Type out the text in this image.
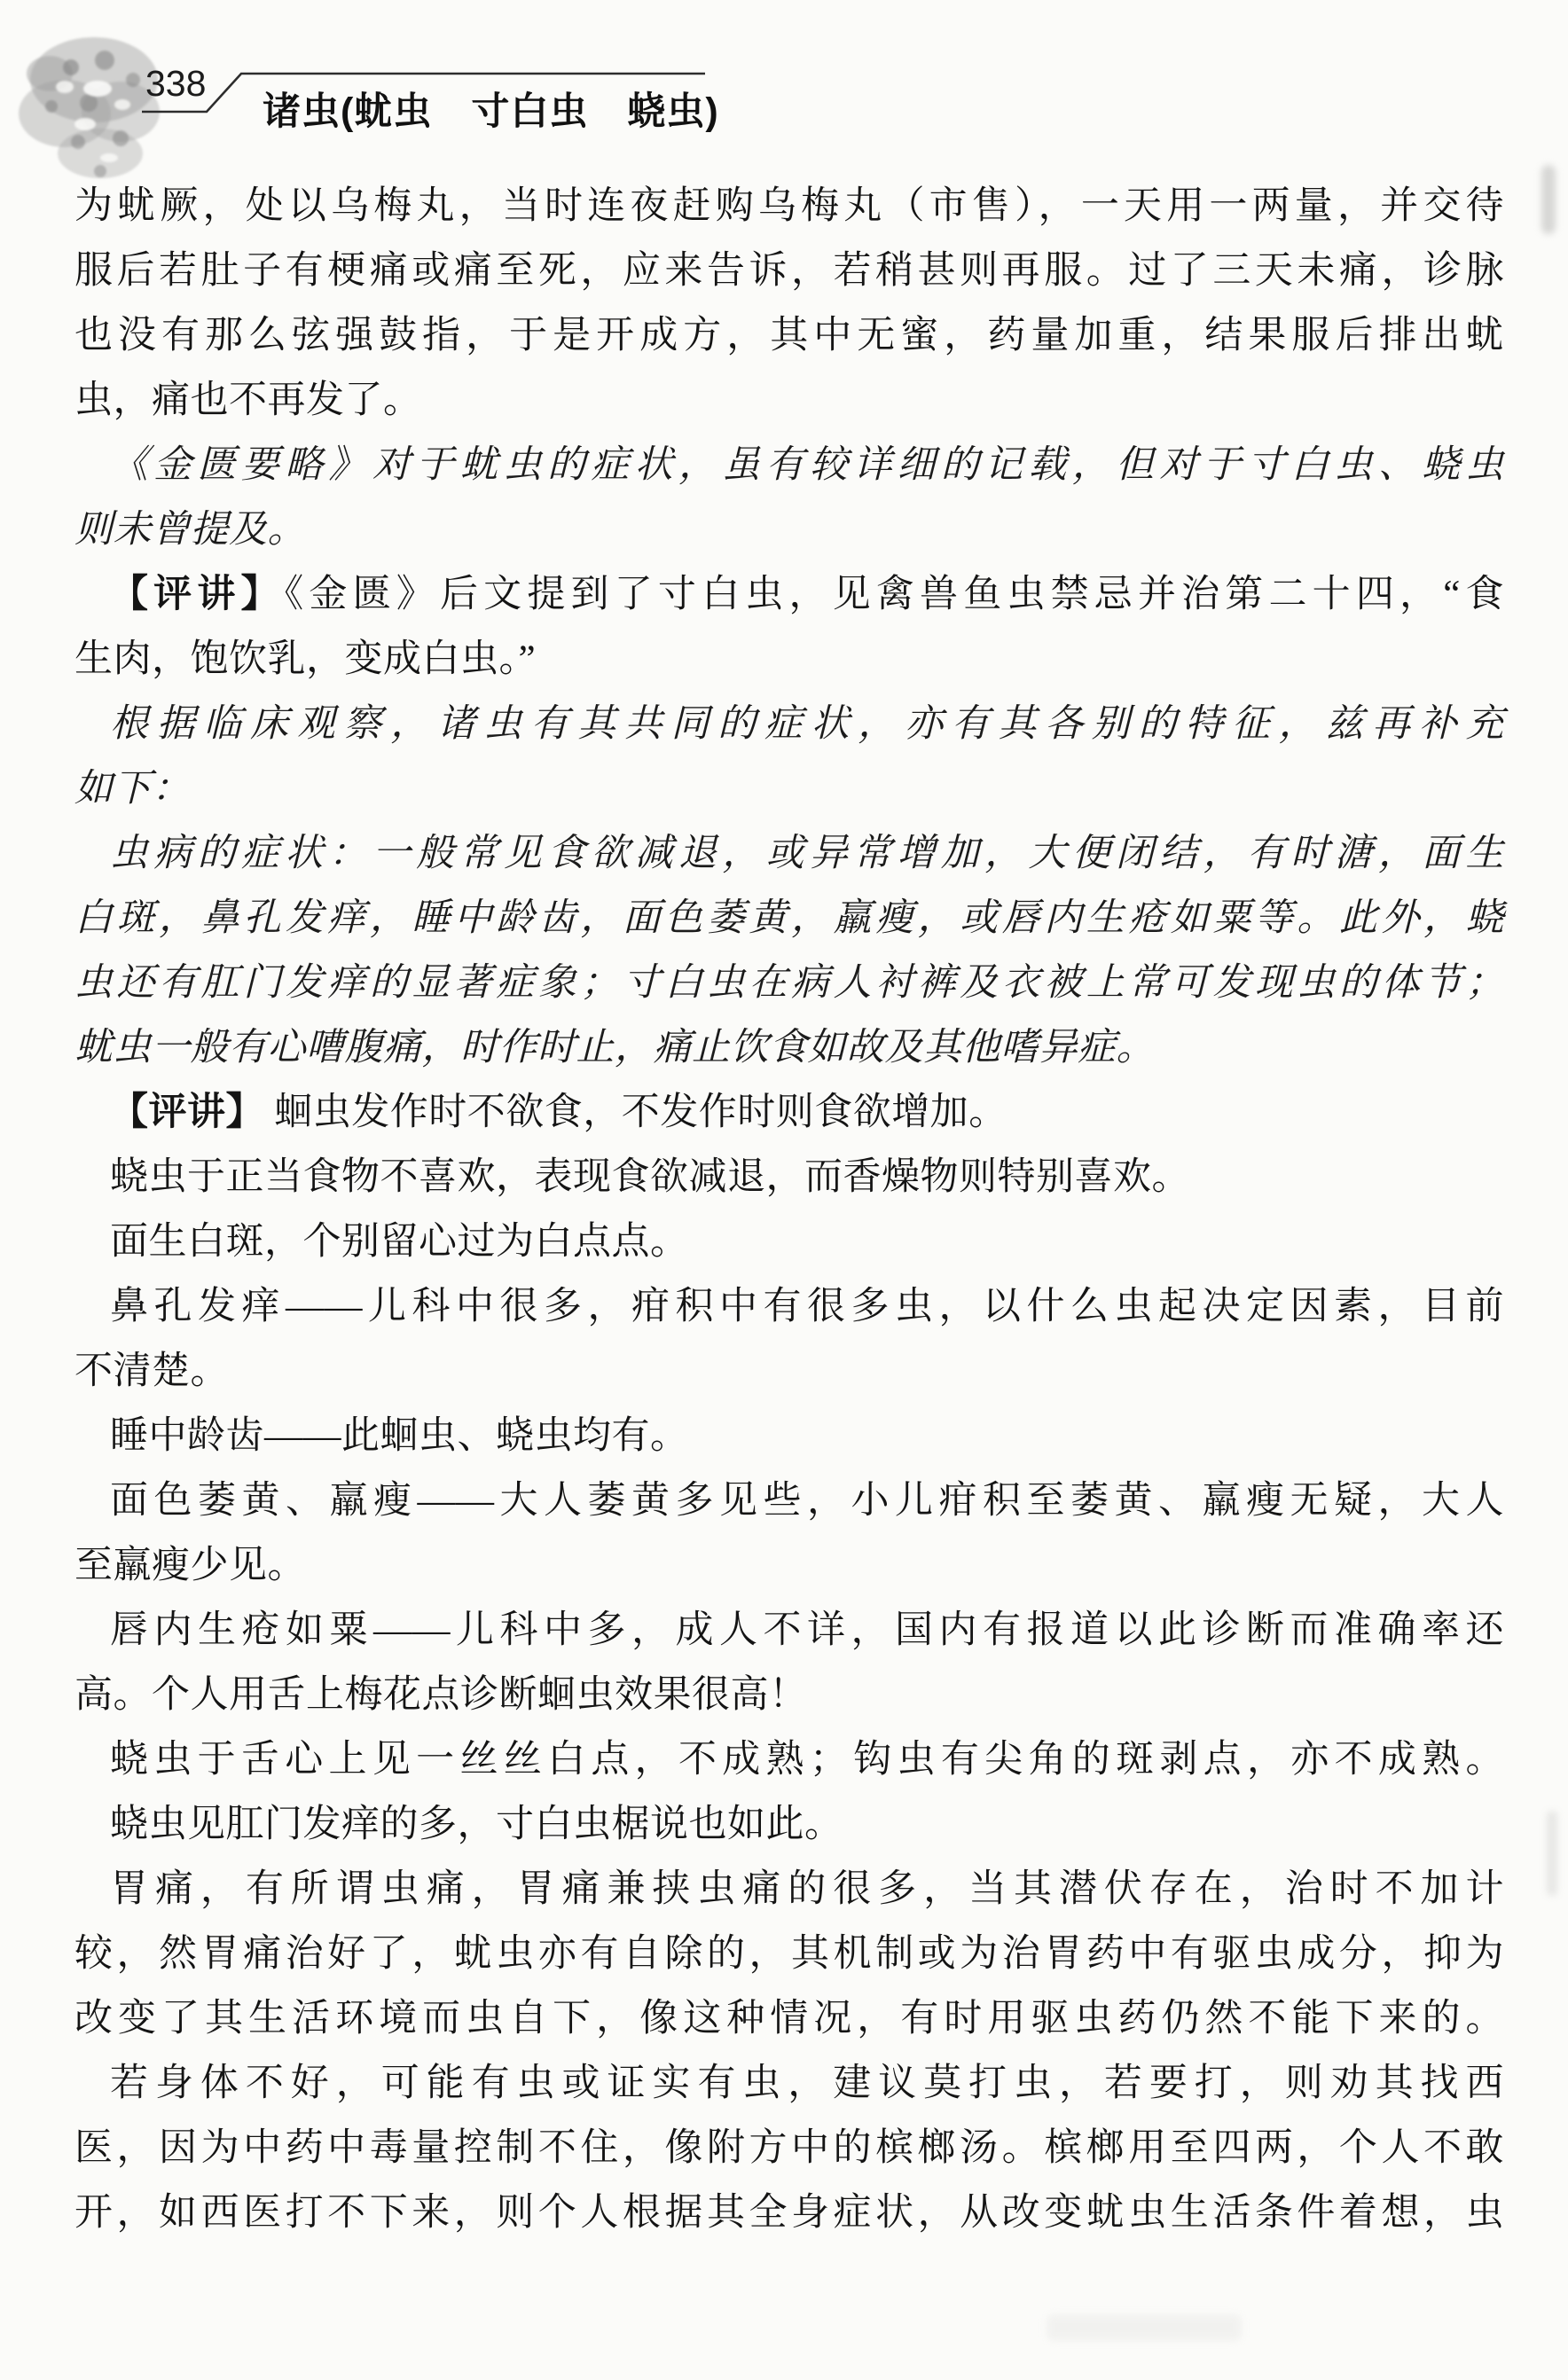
338
诸虫(蚘虫　寸白虫　蛲虫)

为蚘厥，处以乌梅丸，当时连夜赶购乌梅丸（市售），一天用一两量，并交待

服后若肚子有梗痛或痛至死，应来告诉，若稍甚则再服。过了三天未痛，诊脉

也没有那么弦强鼓指，于是开成方，其中无蜜，药量加重，结果服后排出蚘

虫，痛也不再发了。

《金匮要略》对于蚘虫的症状，虽有较详细的记载，但对于寸白虫、蛲虫

则未曾提及。

【评讲】《金匮》后文提到了寸白虫，见禽兽鱼虫禁忌并治第二十四，“食

生肉，饱饮乳，变成白虫。”

根据临床观察，诸虫有其共同的症状，亦有其各别的特征，兹再补充

如下：

虫病的症状：一般常见食欲减退，或异常增加，大便闭结，有时溏，面生

白斑，鼻孔发痒，睡中龄齿，面色萎黄，羸瘦，或唇内生疮如粟等。此外，蛲

虫还有肛门发痒的显著症象；寸白虫在病人衬裤及衣被上常可发现虫的体节；

蚘虫一般有心嘈腹痛，时作时止，痛止饮食如故及其他嗜异症。

【评讲】 蛔虫发作时不欲食，不发作时则食欲增加。

蛲虫于正当食物不喜欢，表现食欲减退，而香燥物则特别喜欢。

面生白斑，个别留心过为白点点。

鼻孔发痒——儿科中很多，疳积中有很多虫，以什么虫起决定因素，目前

不清楚。

睡中龄齿——此蛔虫、蛲虫均有。

面色萎黄、羸瘦——大人萎黄多见些，小儿疳积至萎黄、羸瘦无疑，大人

至羸瘦少见。

唇内生疮如粟——儿科中多，成人不详，国内有报道以此诊断而准确率还

高。个人用舌上梅花点诊断蛔虫效果很高！

蛲虫于舌心上见一丝丝白点，不成熟；钩虫有尖角的斑剥点，亦不成熟。

蛲虫见肛门发痒的多，寸白虫椐说也如此。

胃痛，有所谓虫痛，胃痛兼挟虫痛的很多，当其潜伏存在，治时不加计

较，然胃痛治好了，蚘虫亦有自除的，其机制或为治胃药中有驱虫成分，抑为

改变了其生活环境而虫自下，像这种情况，有时用驱虫药仍然不能下来的。

若身体不好，可能有虫或证实有虫，建议莫打虫，若要打，则劝其找西

医，因为中药中毒量控制不住，像附方中的槟榔汤。槟榔用至四两，个人不敢

开，如西医打不下来，则个人根据其全身症状，从改变蚘虫生活条件着想，虫
